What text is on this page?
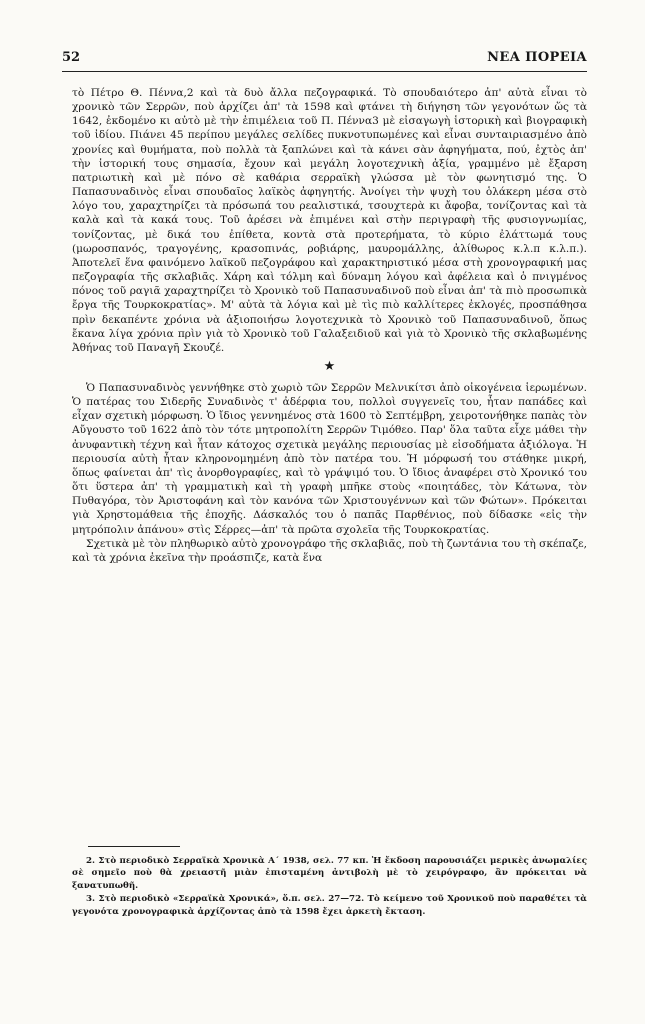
52	ΝΕΑ ΠΟΡΕΙΑ

τὸ Πέτρο Θ. Πέννα,2 καὶ τὰ δυὸ ἄλλα πεζογραφικά. Τὸ σπουδαιότερο ἀπ' αὐτὰ εἶναι τὸ χρονικὸ τῶν Σερρῶν, ποὺ ἀρχίζει ἀπ' τὰ 1598 καὶ φτάνει τὴ διήγηση τῶν γεγονότων ὥς τὰ 1642, ἐκδομένο κι αὐτὸ μὲ τὴν ἐπιμέλεια τοῦ Π. Πέννα3 μὲ εἰσαγωγὴ ἱστορικὴ καὶ βιογραφικὴ τοῦ ἰδίου. Πιάνει 45 περίπου μεγάλες σελίδες πυκνοτυπωμένες καὶ εἶναι συνταιριασμένο ἀπὸ χρονίες καὶ θυμήματα, ποὺ πολλὰ τὰ ξαπλώνει καὶ τὰ κάνει σὰν ἀφηγήματα, πού, ἐχτὸς ἀπ' τὴν ἱστορική τους σημασία, ἔχουν καὶ μεγάλη λογοτεχνικὴ ἀξία, γραμμένο μὲ ἔξαρση πατριωτικὴ καὶ μὲ πόνο σὲ καθάρια σερραϊκὴ γλώσσα μὲ τὸν φωνητισμό της. Ὁ Παπασυναδινὸς εἶναι σπουδαῖος λαϊκὸς ἀφηγητής. Ἀνοίγει τὴν ψυχὴ του ὁλάκερη μέσα στὸ λόγο του, χαραχτηρίζει τὰ πρόσωπά του ρεαλιστικά, τσουχτερὰ κι ἄφοβα, τονίζοντας καὶ τὰ καλὰ καὶ τὰ κακά τους. Τοῦ ἀρέσει νὰ ἐπιμένει καὶ στὴν περιγραφὴ τῆς φυσιογνωμίας, τονίζοντας, μὲ δικά του ἐπίθετα, κοντὰ στὰ προτερήματα, τὸ κύριο ἐλάττωμά τους (μωροσπανός, τραγογένης, κρασοπινάς, ροβιάρης, μαυρομάλλης, ἀλίθωρος κ.λ.π κ.λ.π.). Ἀποτελεῖ ἕνα φαινόμενο λαϊκοῦ πεζογράφου καὶ χαρακτηριστικό μέσα στὴ χρονογραφική μας πεζογραφία τῆς σκλαβιᾶς. Χάρη καὶ τόλμη καὶ δύναμη λόγου καὶ ἀφέλεια καὶ ὁ πνιγμένος πόνος τοῦ ραγιᾶ χαραχτηρίζει τὸ Χρονικὸ τοῦ Παπασυναδινοῦ ποὺ εἶναι ἀπ' τὰ πιὸ προσωπικὰ ἔργα τῆς Τουρκοκρατίας». Μ' αὐτὰ τὰ λόγια καὶ μὲ τὶς πιὸ καλλίτερες ἐκλογές, προσπάθησα πρὶν δεκαπέντε χρόνια νὰ ἀξιοποιήσω λογοτεχνικὰ τὸ Χρονικὸ τοῦ Παπασυναδινοῦ, ὅπως ἔκανα λίγα χρόνια πρὶν γιὰ τὸ Χρονικὸ τοῦ Γαλαξειδιοῦ καὶ γιὰ τὸ Χρονικὸ τῆς σκλαβωμένης Ἀθήνας τοῦ Παναγῆ Σκουζέ.

★

Ὁ Παπασυναδινὸς γεννήθηκε στὸ χωριὸ τῶν Σερρῶν Μελνικίτσι ἀπὸ οἰκογένεια ἱερωμένων. Ὁ πατέρας του Σιδερῆς Συναδινὸς τ' ἀδέρφια του, πολλοὶ συγγενεῖς του, ἦταν παπάδες καὶ εἶχαν σχετικὴ μόρφωση. Ὁ ἴδιος γεννημένος στὰ 1600 τὸ Σεπτέμβρη, χειροτονήθηκε παπὰς τὸν Αὔγουστο τοῦ 1622 ἀπὸ τὸν τότε μητροπολίτη Σερρῶν Τιμόθεο. Παρ' ὅλα ταῦτα εἶχε μάθει τὴν ἀνυφαντικὴ τέχνη καὶ ἦταν κάτοχος σχετικὰ μεγάλης περιουσίας μὲ εἰσοδήματα ἀξιόλογα. Ἡ περιουσία αὐτὴ ἦταν κληρονομημένη ἀπὸ τὸν πατέρα του. Ἡ μόρφωσή του στάθηκε μικρή, ὅπως φαίνεται ἀπ' τὶς ἀνορθογραφίες, καὶ τὸ γράψιμό του. Ὁ ἴδιος ἀναφέρει στὸ Χρονικό του ὅτι ὕστερα ἀπ' τὴ γραμματικὴ καὶ τὴ γραφὴ μπῆκε στοὺς «ποιητάδες, τὸν Κάτωνα, τὸν Πυθαγόρα, τὸν Ἀριστοφάνη καὶ τὸν κανόνα τῶν Χριστουγέννων καὶ τῶν Φώτων». Πρόκειται γιὰ Χρηστομάθεια τῆς ἐποχῆς. Δάσκαλός του ὁ παπᾶς Παρθένιος, ποὺ δίδασκε «εἰς τὴν μητρόπολιν ἀπάνου» στὶς Σέρρες—ἀπ' τὰ πρῶτα σχολεῖα τῆς Τουρκοκρατίας.

Σχετικὰ μὲ τὸν πληθωρικὸ αὐτὸ χρονογράφο τῆς σκλαβιᾶς, ποὺ τὴ ζωντάνια του τὴ σκέπαζε, καὶ τὰ χρόνια ἐκεῖνα τὴν προάσπιζε, κατὰ ἕνα

2. Στὸ περιοδικὸ Σερραϊκὰ Χρονικὰ Α΄ 1938, σελ. 77 κπ. Ἡ ἔκδοση παρουσιάζει μερικὲς ἀνωμαλίες σὲ σημεῖο ποὺ θὰ χρειαστῆ μιὰν ἐπισταμένη ἀντιβολὴ μὲ τὸ χειρόγραφο, ἂν πρόκειται νὰ ξανατυπωθῆ.

3. Στὸ περιοδικὸ «Σερραϊκὰ Χρονικά», ὅ.π. σελ. 27—72. Τὸ κείμενο τοῦ Χρονικοῦ ποὺ παραθέτει τὰ γεγονότα χρονογραφικὰ ἀρχίζοντας ἀπὸ τὰ 1598 ἔχει ἀρκετὴ ἔκταση.
